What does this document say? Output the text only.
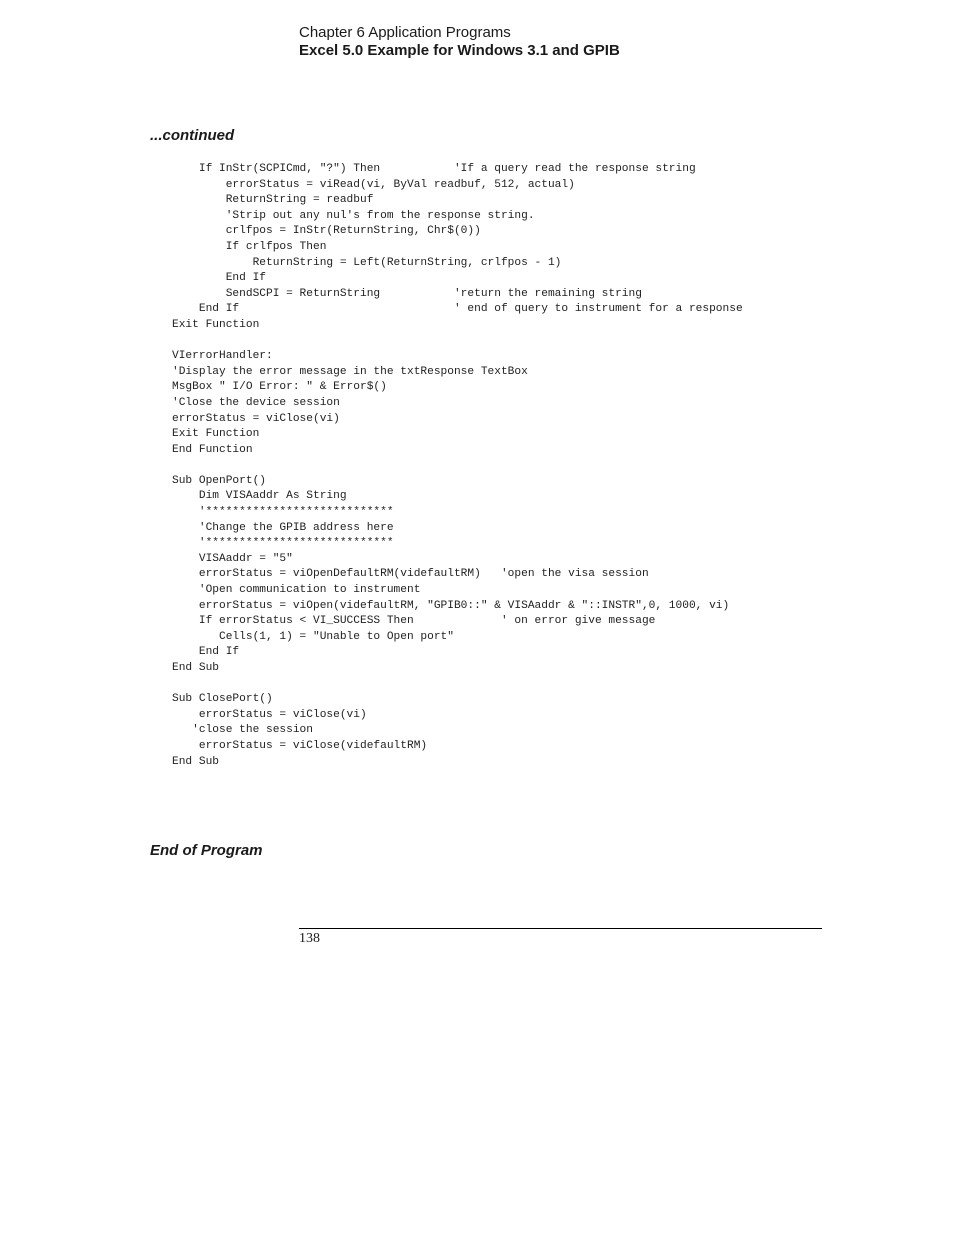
Chapter 6 Application Programs
Excel 5.0 Example for Windows 3.1 and GPIB
...continued
If InStr(SCPICmd, "?") Then           'If a query read the response string
errorStatus = viRead(vi, ByVal readbuf, 512, actual)
ReturnString = readbuf
'Strip out any nul's from the response string.
crlfpos = InStr(ReturnString, Chr$(0))
If crlfpos Then
ReturnString = Left(ReturnString, crlfpos - 1)
End If
SendSCPI = ReturnString           'return the remaining string
End If                                ' end of query to instrument for a response
Exit Function

VIerrorHandler:
'Display the error message in the txtResponse TextBox
MsgBox " I/O Error: " & Error$()
'Close the device session
errorStatus = viClose(vi)
Exit Function
End Function

Sub OpenPort()
Dim VISAaddr As String
'****************************
'Change the GPIB address here
'****************************
VISAaddr = "5"
errorStatus = viOpenDefaultRM(videfaultRM)   'open the visa session
'Open communication to instrument
errorStatus = viOpen(videfaultRM, "GPIB0::" & VISAaddr & "::INSTR",0, 1000, vi)
If errorStatus < VI_SUCCESS Then             ' on error give message
Cells(1, 1) = "Unable to Open port"
End If
End Sub

Sub ClosePort()
errorStatus = viClose(vi)
'close the session
errorStatus = viClose(videfaultRM)
End Sub
End of Program
138
